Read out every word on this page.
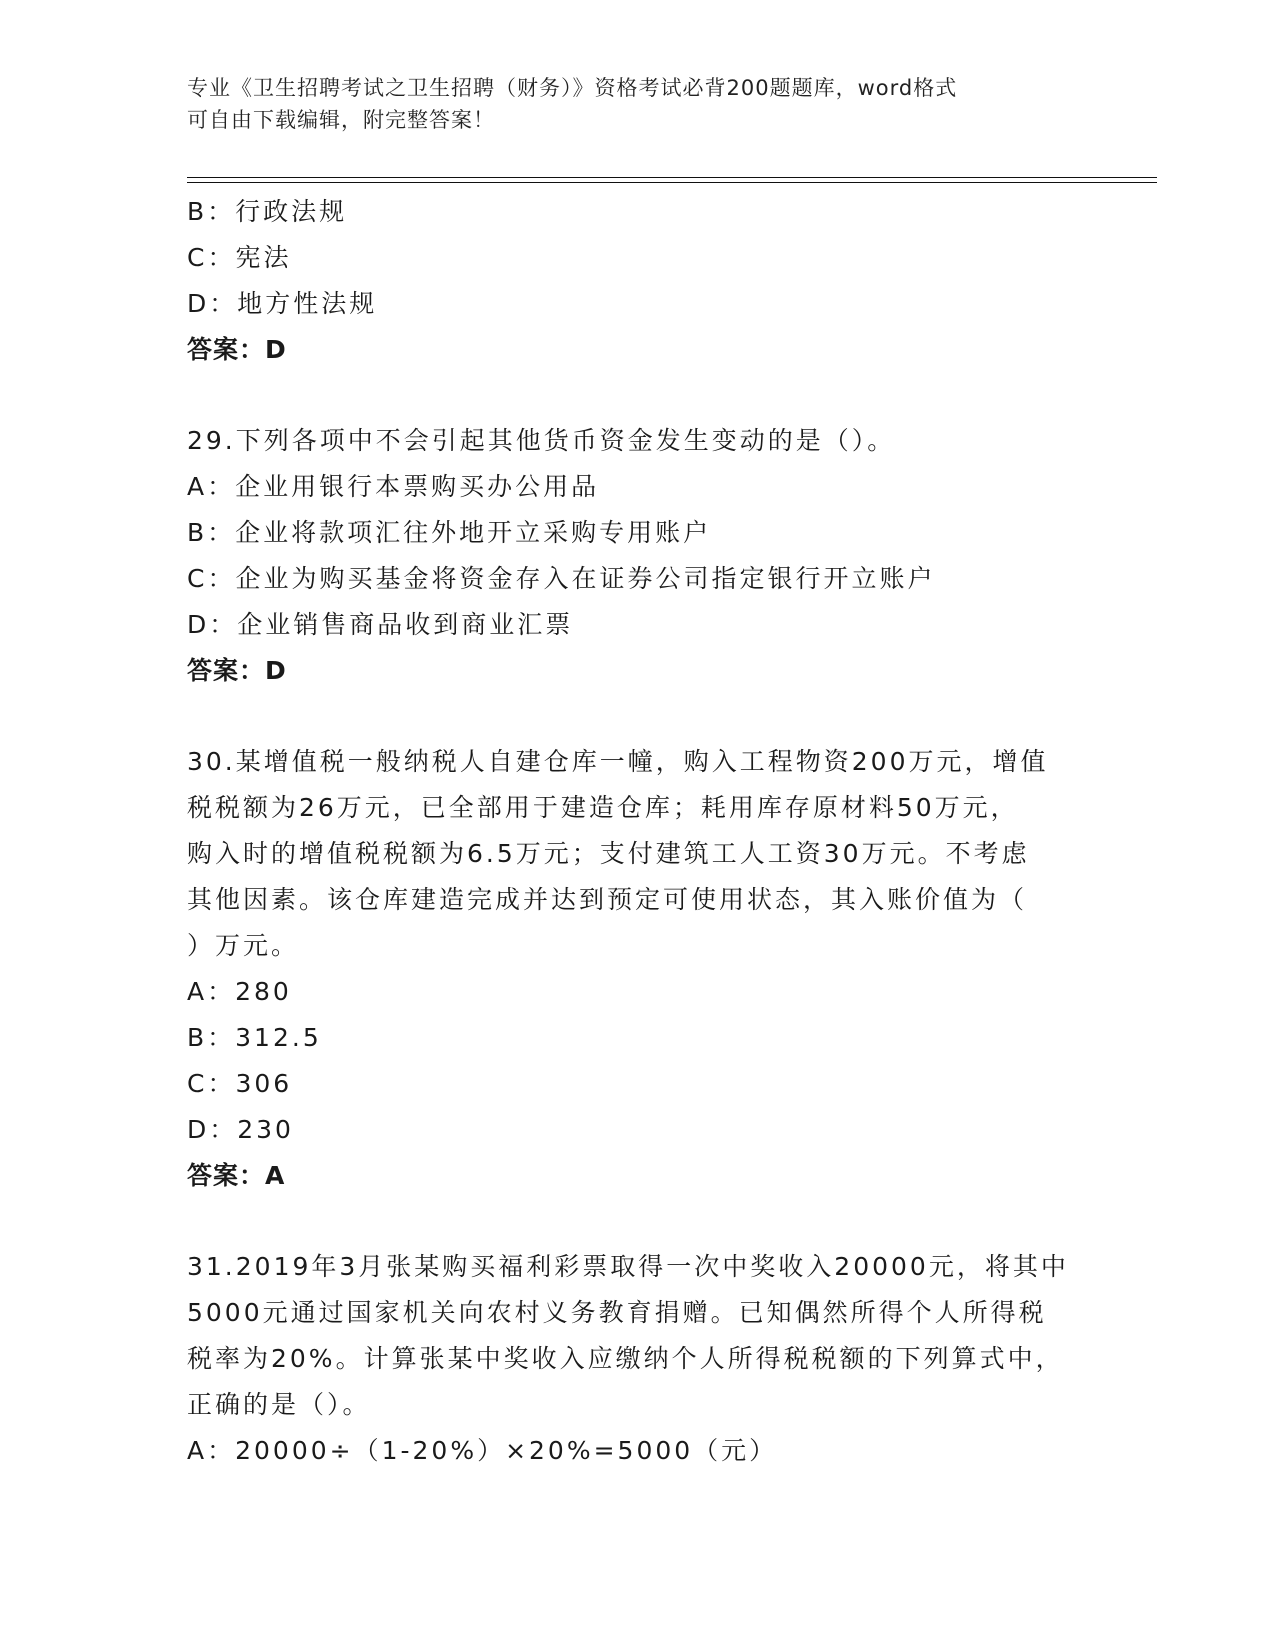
专业《卫生招聘考试之卫生招聘（财务）》资格考试必背200题题库，word格式
可自由下载编辑，附完整答案！
B：行政法规
C：宪法
D：地方性法规
答案：D
29.下列各项中不会引起其他货币资金发生变动的是（）。
A：企业用银行本票购买办公用品
B：企业将款项汇往外地开立采购专用账户
C：企业为购买基金将资金存入在证券公司指定银行开立账户
D：企业销售商品收到商业汇票
答案：D
30.某增值税一般纳税人自建仓库一幢，购入工程物资200万元，增值
税税额为26万元，已全部用于建造仓库；耗用库存原材料50万元，
购入时的增值税税额为6.5万元；支付建筑工人工资30万元。不考虑
其他因素。该仓库建造完成并达到预定可使用状态，其入账价值为（
）万元。
A：280
B：312.5
C：306
D：230
答案：A
31.2019年3月张某购买福利彩票取得一次中奖收入20000元，将其中
5000元通过国家机关向农村义务教育捐赠。已知偶然所得个人所得税
税率为20%。计算张某中奖收入应缴纳个人所得税税额的下列算式中，
正确的是（）。
A：20000÷（1-20%）×20%=5000（元）
